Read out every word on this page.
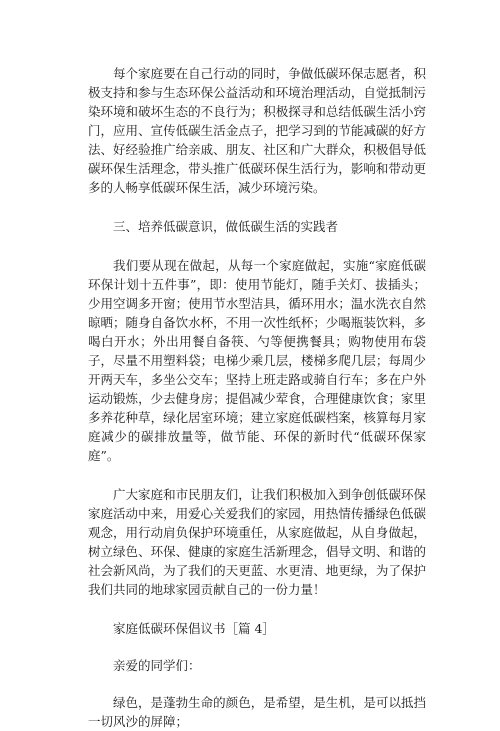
每个家庭要在自己行动的同时，争做低碳环保志愿者，积极支持和参与生态环保公益活动和环境治理活动，自觉抵制污染环境和破坏生态的不良行为；积极探寻和总结低碳生活小窍门，应用、宣传低碳生活金点子，把学习到的节能减碳的好方法、好经验推广给亲戚、朋友、社区和广大群众，积极倡导低碳环保生活理念，带头推广低碳环保生活行为，影响和带动更多的人畅享低碳环保生活，减少环境污染。

三、培养低碳意识，做低碳生活的实践者

我们要从现在做起，从每一个家庭做起，实施“家庭低碳环保计划十五件事”，即：使用节能灯，随手关灯、拔插头；少用空调多开窗；使用节水型洁具，循环用水；温水洗衣自然晾晒；随身自备饮水杯，不用一次性纸杯；少喝瓶装饮料，多喝白开水；外出用餐自备筷、勺等便携餐具；购物使用布袋子，尽量不用塑料袋；电梯少乘几层，楼梯多爬几层；每周少开两天车，多坐公交车；坚持上班走路或骑自行车；多在户外运动锻炼，少去健身房；提倡减少荤食，合理健康饮食；家里多养花种草，绿化居室环境；建立家庭低碳档案，核算每月家庭减少的碳排放量等，做节能、环保的新时代“低碳环保家庭”。

广大家庭和市民朋友们，让我们积极加入到争创低碳环保家庭活动中来，用爱心关爱我们的家园，用热情传播绿色低碳观念，用行动肩负保护环境重任，从家庭做起，从自身做起，树立绿色、环保、健康的家庭生活新理念，倡导文明、和谐的社会新风尚，为了我们的天更蓝、水更清、地更绿，为了保护我们共同的地球家园贡献自己的一份力量！

家庭低碳环保倡议书［篇 4］

亲爱的同学们：

绿色，是蓬勃生命的颜色，是希望，是生机，是可以抵挡一切风沙的屏障；
